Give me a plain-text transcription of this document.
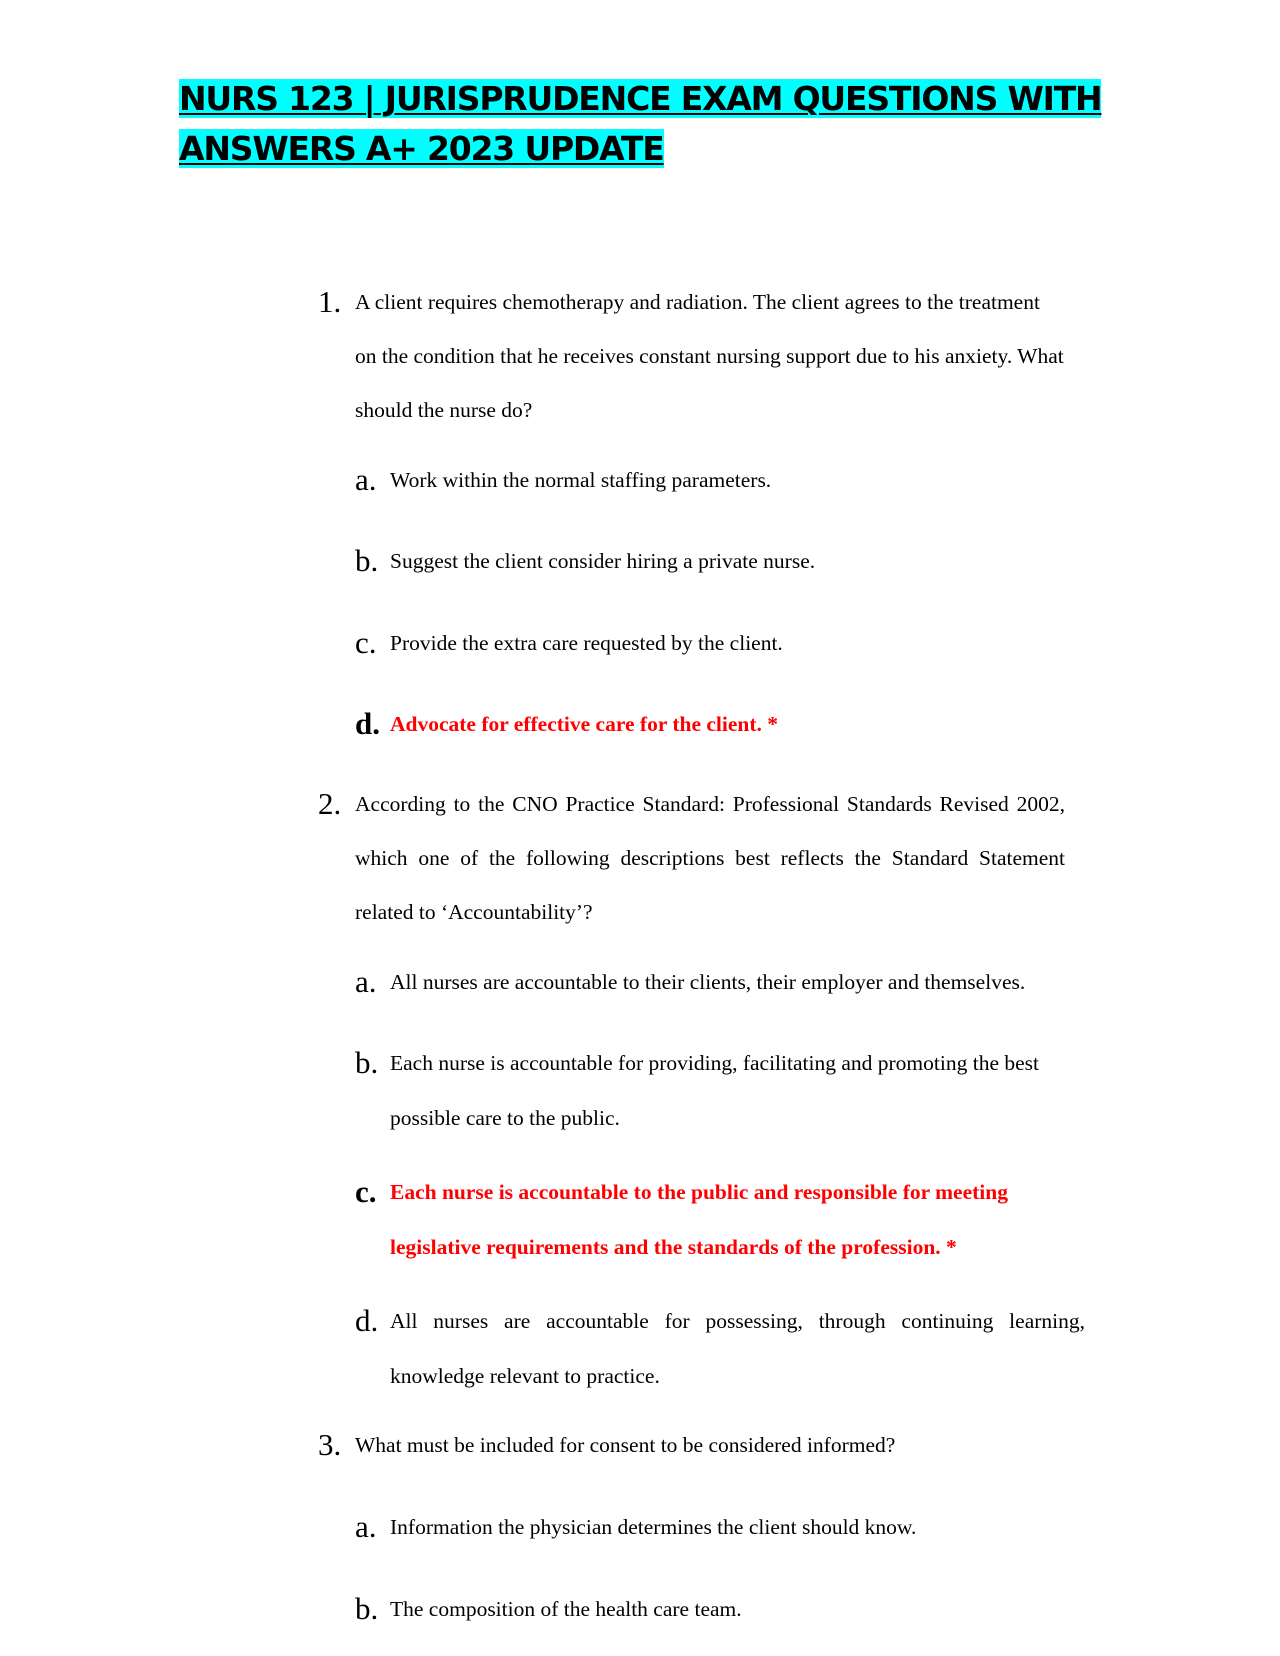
NURS 123 | JURISPRUDENCE EXAM QUESTIONS WITH
ANSWERS A+ 2023 UPDATE
1. A client requires chemotherapy and radiation. The client agrees to the treatment on the condition that he receives constant nursing support due to his anxiety. What should the nurse do?
a. Work within the normal staffing parameters.
b. Suggest the client consider hiring a private nurse.
c. Provide the extra care requested by the client.
d. Advocate for effective care for the client. *
2. According to the CNO Practice Standard: Professional Standards Revised 2002, which one of the following descriptions best reflects the Standard Statement related to ‘Accountability’?
a. All nurses are accountable to their clients, their employer and themselves.
b. Each nurse is accountable for providing, facilitating and promoting the best possible care to the public.
c. Each nurse is accountable to the public and responsible for meeting legislative requirements and the standards of the profession. *
d. All nurses are accountable for possessing, through continuing learning, knowledge relevant to practice.
3. What must be included for consent to be considered informed?
a. Information the physician determines the client should know.
b. The composition of the health care team.
